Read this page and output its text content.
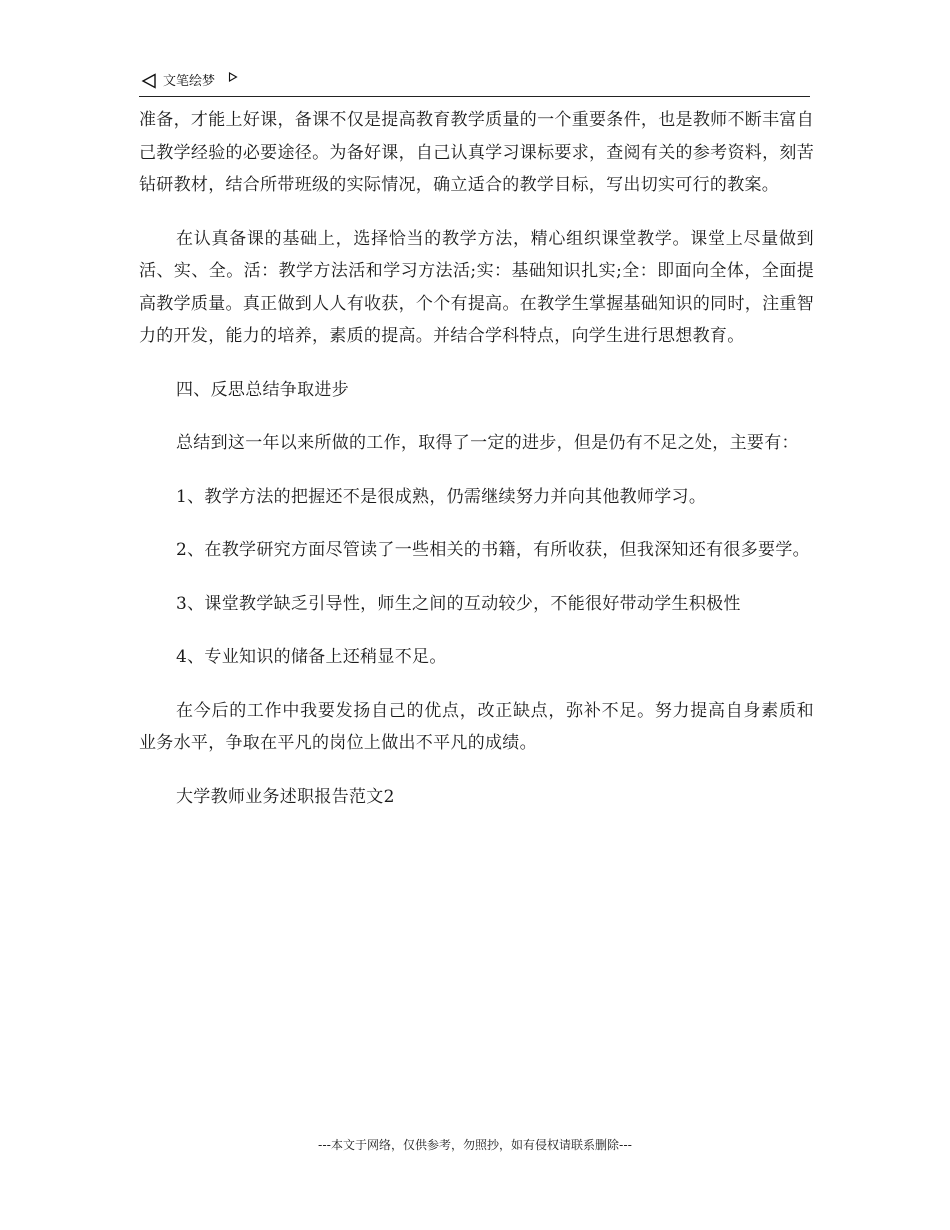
文笔绘梦

准备，才能上好课，备课不仅是提高教育教学质量的一个重要条件，也是教师不断丰富自己教学经验的必要途径。为备好课，自己认真学习课标要求，查阅有关的参考资料，刻苦钻研教材，结合所带班级的实际情况，确立适合的教学目标，写出切实可行的教案。

在认真备课的基础上，选择恰当的教学方法，精心组织课堂教学。课堂上尽量做到活、实、全。活：教学方法活和学习方法活;实：基础知识扎实;全：即面向全体，全面提高教学质量。真正做到人人有收获，个个有提高。在教学生掌握基础知识的同时，注重智力的开发，能力的培养，素质的提高。并结合学科特点，向学生进行思想教育。

四、反思总结争取进步

总结到这一年以来所做的工作，取得了一定的进步，但是仍有不足之处，主要有：

1、教学方法的把握还不是很成熟，仍需继续努力并向其他教师学习。

2、在教学研究方面尽管读了一些相关的书籍，有所收获，但我深知还有很多要学。

3、课堂教学缺乏引导性，师生之间的互动较少，不能很好带动学生积极性

4、专业知识的储备上还稍显不足。

在今后的工作中我要发扬自己的优点，改正缺点，弥补不足。努力提高自身素质和业务水平，争取在平凡的岗位上做出不平凡的成绩。

大学教师业务述职报告范文2

---本文于网络，仅供参考，勿照抄，如有侵权请联系删除---
